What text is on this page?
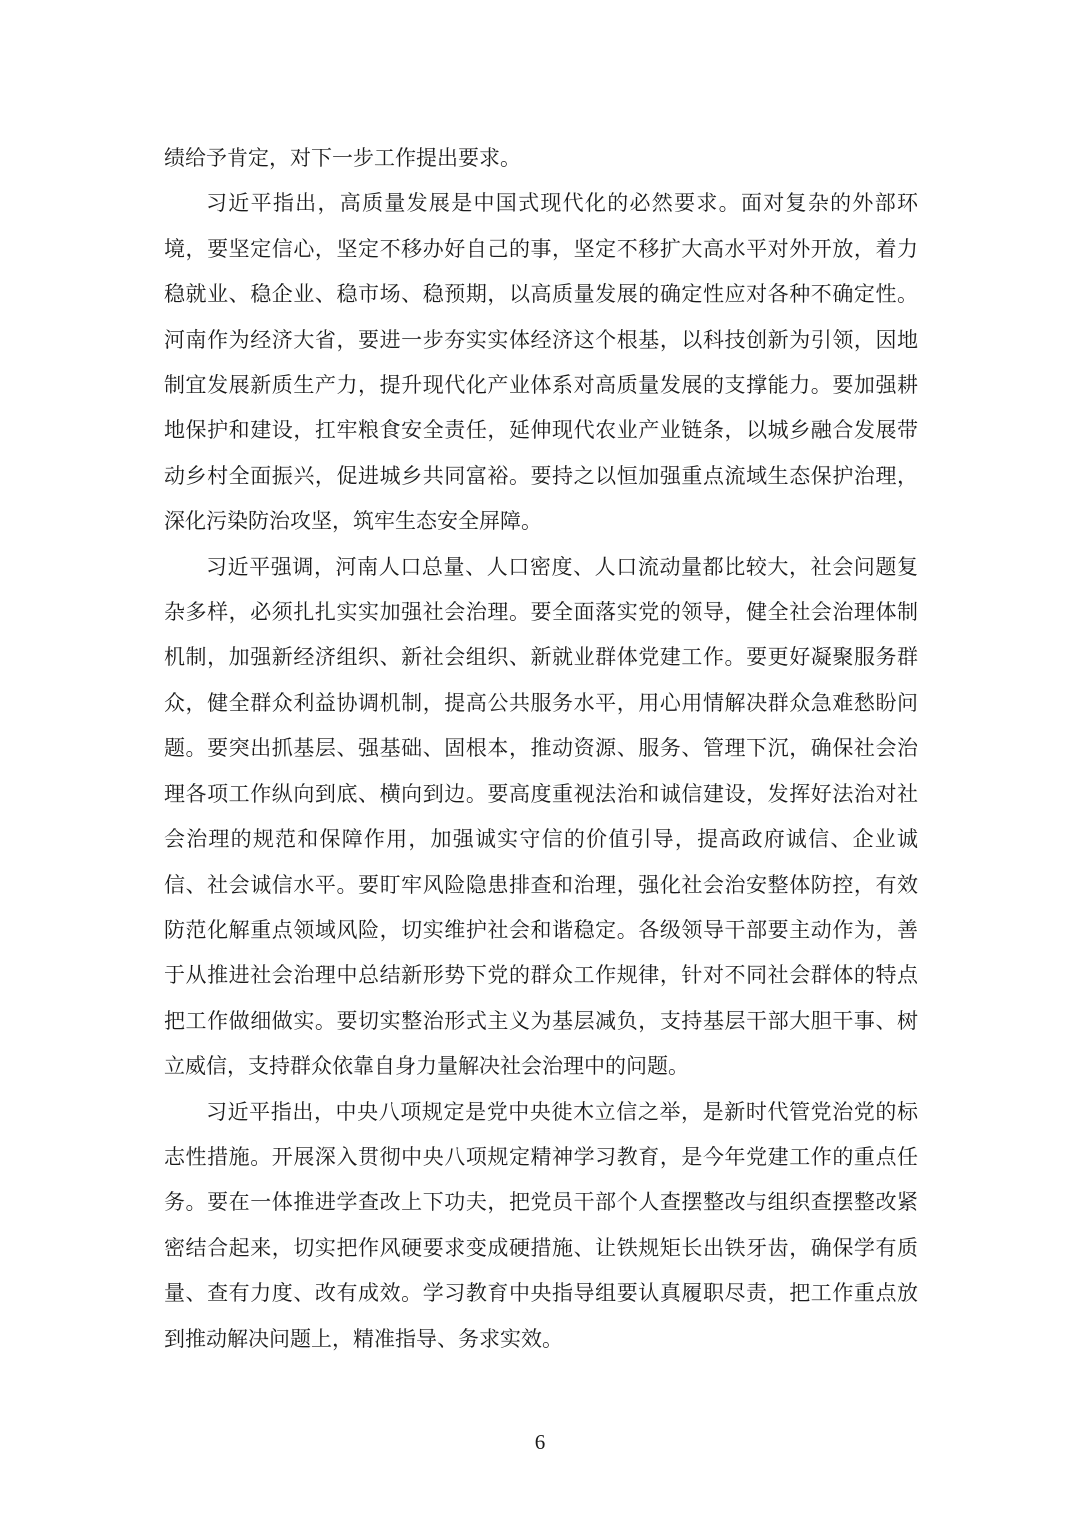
绩给予肯定，对下一步工作提出要求。

习近平指出，高质量发展是中国式现代化的必然要求。面对复杂的外部环境，要坚定信心，坚定不移办好自己的事，坚定不移扩大高水平对外开放，着力稳就业、稳企业、稳市场、稳预期，以高质量发展的确定性应对各种不确定性。河南作为经济大省，要进一步夯实实体经济这个根基，以科技创新为引领，因地制宜发展新质生产力，提升现代化产业体系对高质量发展的支撑能力。要加强耕地保护和建设，扛牢粮食安全责任，延伸现代农业产业链条，以城乡融合发展带动乡村全面振兴，促进城乡共同富裕。要持之以恒加强重点流域生态保护治理，深化污染防治攻坚，筑牢生态安全屏障。

习近平强调，河南人口总量、人口密度、人口流动量都比较大，社会问题复杂多样，必须扎扎实实加强社会治理。要全面落实党的领导，健全社会治理体制机制，加强新经济组织、新社会组织、新就业群体党建工作。要更好凝聚服务群众，健全群众利益协调机制，提高公共服务水平，用心用情解决群众急难愁盼问题。要突出抓基层、强基础、固根本，推动资源、服务、管理下沉，确保社会治理各项工作纵向到底、横向到边。要高度重视法治和诚信建设，发挥好法治对社会治理的规范和保障作用，加强诚实守信的价值引导，提高政府诚信、企业诚信、社会诚信水平。要盯牢风险隐患排查和治理，强化社会治安整体防控，有效防范化解重点领域风险，切实维护社会和谐稳定。各级领导干部要主动作为，善于从推进社会治理中总结新形势下党的群众工作规律，针对不同社会群体的特点把工作做细做实。要切实整治形式主义为基层减负，支持基层干部大胆干事、树立威信，支持群众依靠自身力量解决社会治理中的问题。

习近平指出，中央八项规定是党中央徙木立信之举，是新时代管党治党的标志性措施。开展深入贯彻中央八项规定精神学习教育，是今年党建工作的重点任务。要在一体推进学查改上下功夫，把党员干部个人查摆整改与组织查摆整改紧密结合起来，切实把作风硬要求变成硬措施、让铁规矩长出铁牙齿，确保学有质量、查有力度、改有成效。学习教育中央指导组要认真履职尽责，把工作重点放到推动解决问题上，精准指导、务求实效。

6
